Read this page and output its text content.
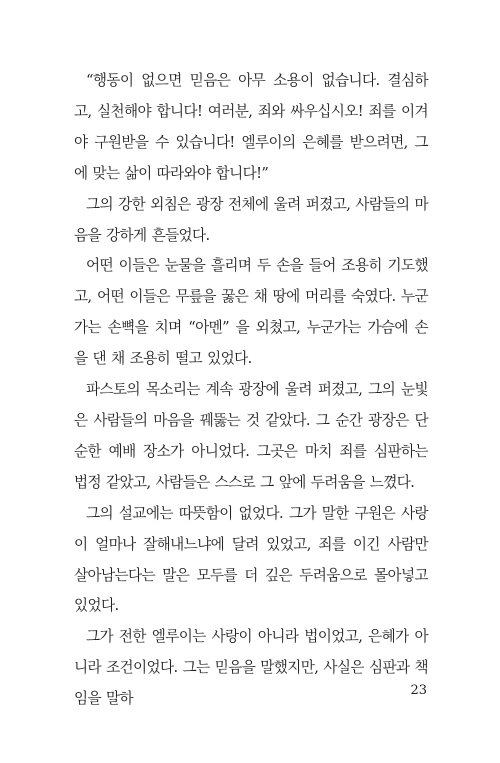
“행동이 없으면 믿음은 아무 소용이 없습니다. 결심하고, 실천해야 합니다! 여러분, 죄와 싸우십시오! 죄를 이겨야 구원받을 수 있습니다! 엘루이의 은혜를 받으려면, 그에 맞는 삶이 따라와야 합니다!”

그의 강한 외침은 광장 전체에 울려 퍼졌고, 사람들의 마음을 강하게 흔들었다.

어떤 이들은 눈물을 흘리며 두 손을 들어 조용히 기도했고, 어떤 이들은 무릎을 꿇은 채 땅에 머리를 숙였다. 누군가는 손뼉을 치며 “아멘” 을 외쳤고, 누군가는 가슴에 손을 댄 채 조용히 떨고 있었다.

파스토의 목소리는 계속 광장에 울려 퍼졌고, 그의 눈빛은 사람들의 마음을 꿰뚫는 것 같았다. 그 순간 광장은 단순한 예배 장소가 아니었다. 그곳은 마치 죄를 심판하는 법정 같았고, 사람들은 스스로 그 앞에 두려움을 느꼈다.

그의 설교에는 따뜻함이 없었다. 그가 말한 구원은 사랑이 얼마나 잘해내느냐에 달려 있었고, 죄를 이긴 사람만 살아남는다는 말은 모두를 더 깊은 두려움으로 몰아넣고 있었다.

그가 전한 엘루이는 사랑이 아니라 법이었고, 은혜가 아니라 조건이었다. 그는 믿음을 말했지만, 사실은 심판과 책임을 말하	23
